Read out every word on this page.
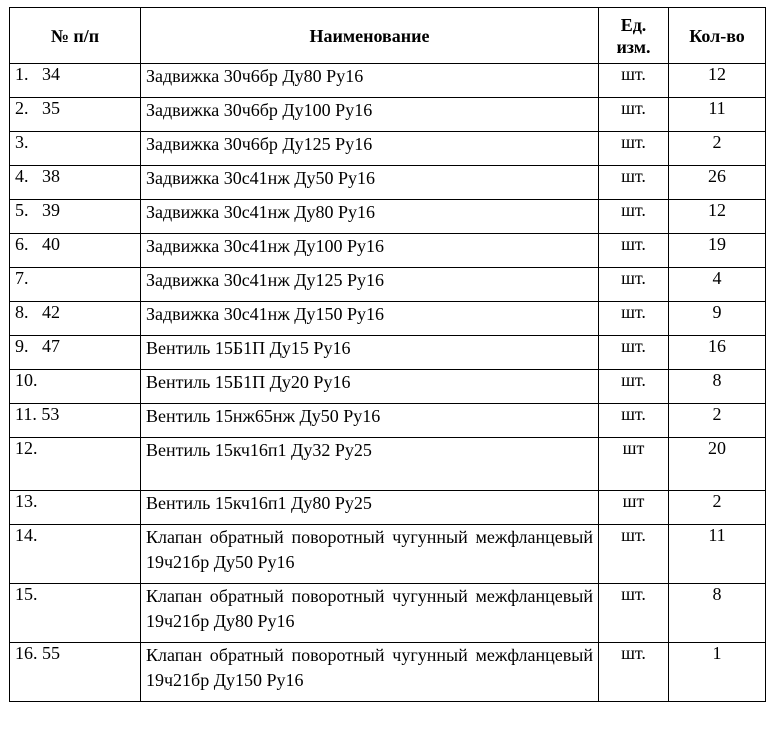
№ п/п	Наименование	Ед. изм.	Кол-во
1.   34	Задвижка 30ч6бр Ду80 Ру16	шт.	12
2.   35	Задвижка 30ч6бр Ду100 Ру16	шт.	11
3.	Задвижка 30ч6бр Ду125 Ру16	шт.	2
4.   38	Задвижка 30с41нж Ду50 Ру16	шт.	26
5.   39	Задвижка 30с41нж Ду80 Ру16	шт.	12
6.   40	Задвижка 30с41нж Ду100 Ру16	шт.	19
7.	Задвижка 30с41нж Ду125 Ру16	шт.	4
8.   42	Задвижка 30с41нж Ду150 Ру16	шт.	9
9.   47	Вентиль 15Б1П Ду15 Ру16	шт.	16
10.	Вентиль 15Б1П Ду20 Ру16	шт.	8
11. 53	Вентиль 15нж65нж Ду50 Ру16	шт.	2
12.	Вентиль 15кч16п1 Ду32 Ру25	шт	20
13.	Вентиль 15кч16п1 Ду80 Ру25	шт	2
14.	Клапан обратный поворотный чугунный межфланцевый 19ч21бр Ду50 Ру16	шт.	11
15.	Клапан обратный поворотный чугунный межфланцевый 19ч21бр Ду80 Ру16	шт.	8
16. 55	Клапан обратный поворотный чугунный межфланцевый 19ч21бр Ду150 Ру16	шт.	1
